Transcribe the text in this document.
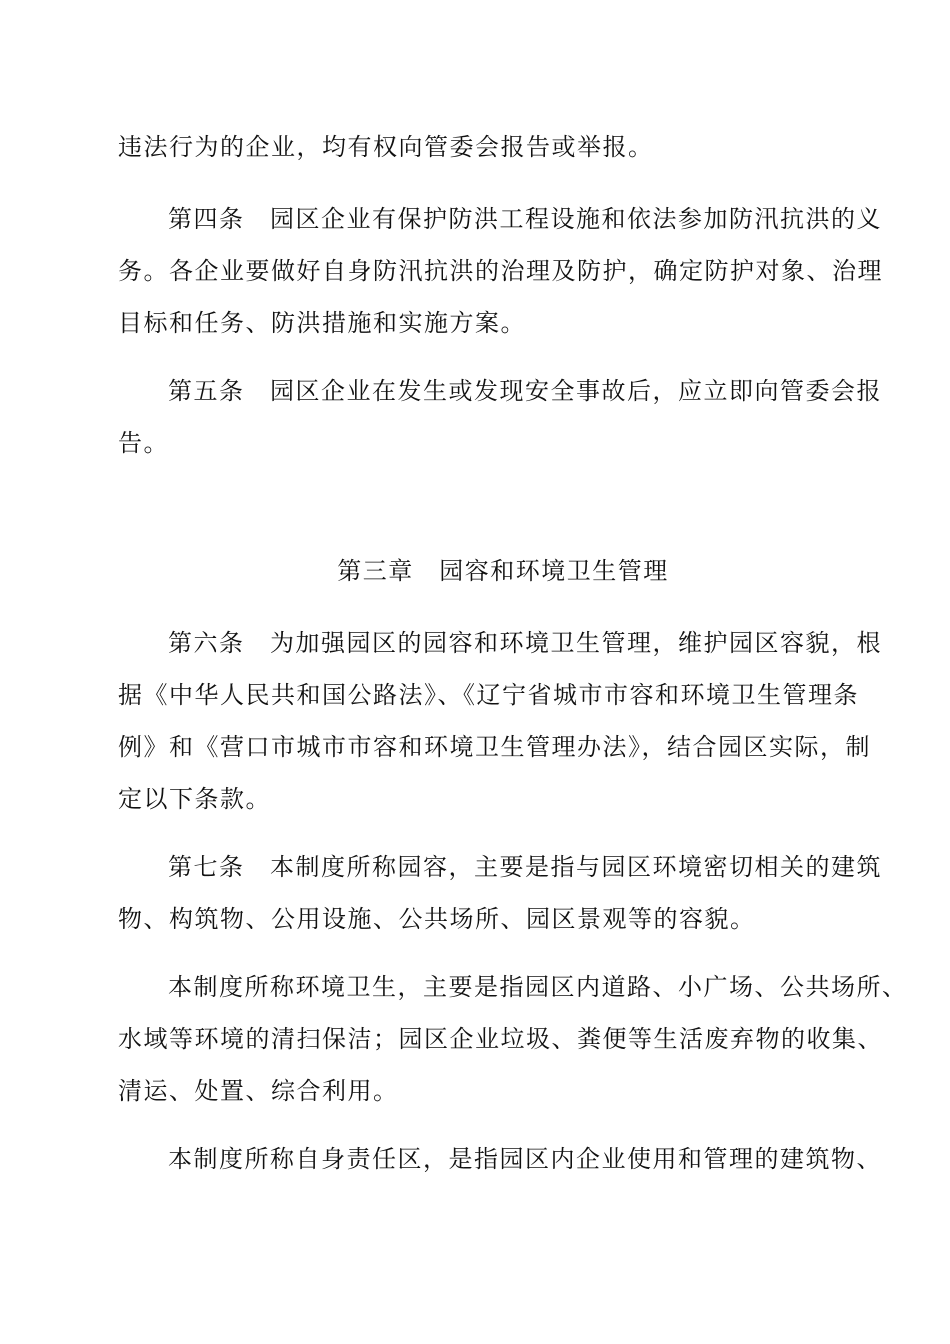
违法行为的企业，均有权向管委会报告或举报。
第四条　园区企业有保护防洪工程设施和依法参加防汛抗洪的义
务。各企业要做好自身防汛抗洪的治理及防护，确定防护对象、治理
目标和任务、防洪措施和实施方案。
第五条　园区企业在发生或发现安全事故后，应立即向管委会报
告。
第三章　园容和环境卫生管理
第六条　为加强园区的园容和环境卫生管理，维护园区容貌，根
据《中华人民共和国公路法》、《辽宁省城市市容和环境卫生管理条
例》和《营口市城市市容和环境卫生管理办法》，结合园区实际，制
定以下条款。
第七条　本制度所称园容，主要是指与园区环境密切相关的建筑
物、构筑物、公用设施、公共场所、园区景观等的容貌。
本制度所称环境卫生，主要是指园区内道路、小广场、公共场所、
水域等环境的清扫保洁；园区企业垃圾、粪便等生活废弃物的收集、
清运、处置、综合利用。
本制度所称自身责任区，是指园区内企业使用和管理的建筑物、
